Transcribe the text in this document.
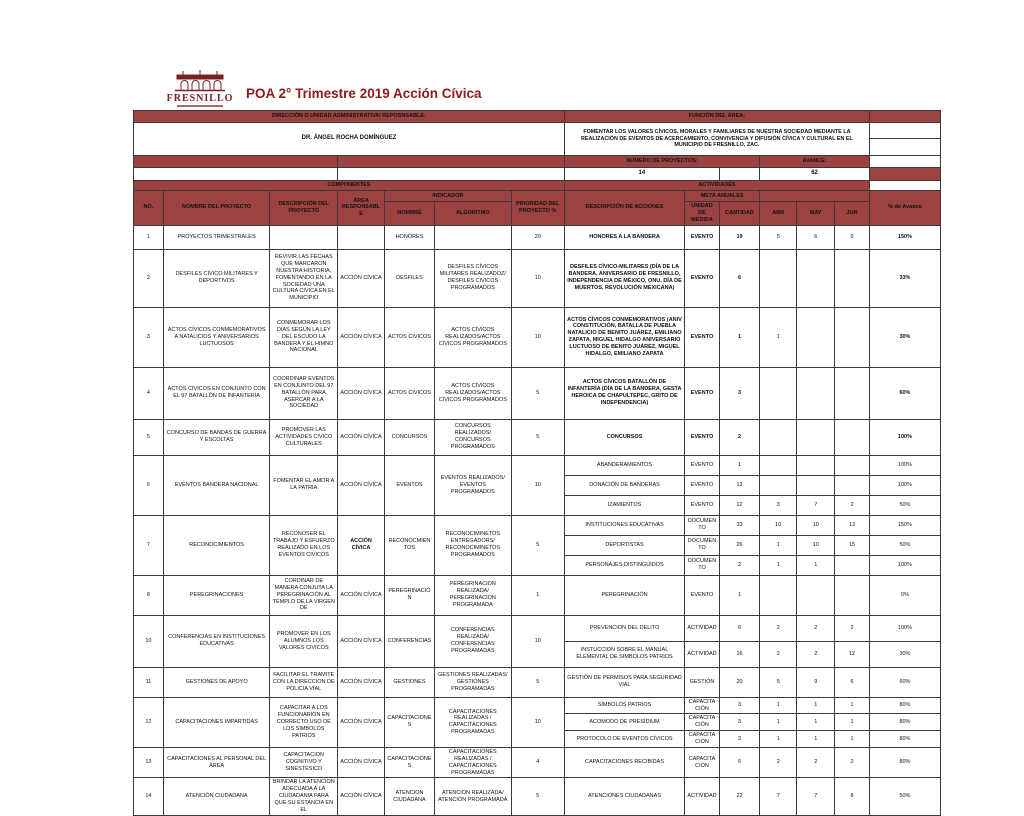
FRESNILLO POA 2° Trimestre 2019 Acción Cívica
DIRECCIÓN O UNIDAD ADMINISTRATIVA/ REPOSNSABLE:							FUNCIÓN DEL ÁREA:						
DR. ÁNGEL ROCHA DOMÍNGUEZ							FOMENTAR LOS VALORES CÍVICOS, MORALES Y FAMILIARES DE NUESTRA SOCIEDAD MEDIANTE LA REALIZACIÓN DE EVENTOS DE ACERCAMIENTO, CONVIVENCIA Y DIFUSIÓN CÍVICA Y CULTURAL EN EL MUNICIPIO DE FRESNILLO, ZAC.						

							NÚMERO DE PROYECTOS:			AVANCE:			
							14			62			
COMPONENTES							ACTIVIDADES						
NO.	NOMBRE DEL PROYECTO	DESCRIPCIÓN DEL PROYECTO	ÁREA RESPONSABLE	INDICADOR		PRIORIDAD DEL PROYECTO %	DESCRIPCIÓN DE ACCIONES	META ANUALES					% de Avance
				NOMBRE	ALGORITMO			UNIDAD DE MEDIDA	CANTIDAD	ABR	MAY	JUN	
1	PROYECTOS TRIMESTRALES			HONORES		20	HONORES A LA BANDERA	EVENTO	19	5	6	6	150%
2	DESFILES CÍVICO MILITARES Y DEPORTIVOS	REVIVIR LAS FECHAS QUE MARCARON NUESTRA HISTORIA, FOMENTANDO EN LA SOCIEDAD UNA CULTURA CIVICA EN EL MUNICIPIO	ACCIÓN CÍVICA	DESFILES	DESFILES CÍVICOS MILITARES REALIZADOZ/ DESFILES CIVICOS PROGRAMADOS	10	DESFILES CÍVICO-MILITARES (DÍA DE LA BANDERA, ANIVERSARIO DE FRESNILLO, INDEPENDENCIA DE MÉXICO, ONU, DÍA DE MUERTOS, REVOLUCIÓN MEXICANA)	EVENTO	6				33%
3	ACTOS CÍVICOS CONMEMORATIVOS A NATALICIOS Y ANIVERSARIOS LUCTUOSOS	CONMEMORAR LOS DÍAS SEGÚN LA LEY DEL ESCUDO LA BANDERA Y EL HIMNO NACIONAL	ACCIÓN CÍVICA	ACTOS CIVICOS	ACTOS CÍVICOS REALIZADOS/ACTOS CÍVICOS PROGRAMADOS	10	ACTOS CÍVICOS CONMEMORATIVOS (ANIV CONSTITUCIÓN, BATALLA DE PUEBLA NATALICIO DE BENITO JUÁREZ, EMILIANO ZAPATA, MIGUEL HIDALGO ANIVERSARIO LUCTUOSO DE BENITO JUÁREZ, MIGUEL HIDALGO, EMILIANO ZAPATA	EVENTO	1	1			30%
4	ACTOS CÍVICOS EN CONJUNTO CON EL 97 BATALLÓN DE INFANTERÍA	COORDINAR EVENTOS EN CONJUNTO DEL 97 BATALLÓN PARA ASERCAR A LA SOCIEDAD	ACCIÓN CÍVICA	ACTOS CIVICOS	ACTOS CÍVICOS REALIZADOS/ACTOS CÍVICOS PROGRAMADOS	5	ACTOS CÍVICOS BATALLÓN DE INFANTERÍA (DÍA DE LA BANDERA, GESTA HEROICA DE CHAPULTEPEC, GRITO DE INDEPENDENCIA)	EVENTO	3				60%
5	CONCURSO DE BANDAS DE GUERRA Y ESCOLTAS	PROMOVER LAS ACTIVIDADES CIVICO CULTURALES	ACCIÓN CÍVICA	CONCURSOS	CONCURSOS REALIZADOS/ CONCURSOS PROGRAMADOS	5	CONCURSOS	EVENTO	2				100%
6	EVENTOS BANDERA NACIONAL	FOMENTAR EL AMOR A LA PATRIA	ACCIÓN CÍVICA	EVENTOS	EVENTOS REALIZADOS/ EVENTOS PROGRAMADOS	10	ABANDERAMIENTOS	EVENTO	1				100%
							DONACIÓN DE BANDERAS	EVENTO	13				100%
							IZAMIENTOS	EVENTO	12	3	7	2	50%
7	RECONOCIMIENTOS	RECONOSER EL TRABAJO Y ESFUERZO REALIZADO EN LOS EVENTOS CIVICOS	ACCIÓN CÍVICA	RECONOCMIENTOS	RECONOCIMINETOS ENTREGADORS/ RECONOCIMINETOS PROGRAMADOS	5	INSTITUCIONES EDUCATIVAS	DOCUMENTO	33	10	10	13	150%
							DEPORTISTAS	DOCUMENTO	26	1	10	15	50%
							PERSONAJES DISTINGUIDOS	DOCUMENTO	2	1	1		100%
8	PEREGRINACIONES	CORDINAR DE MANERA CONJUTA LA PEREGRINACIÓN AL TEMPLO DE LA VIRGEN DE	ACCIÓN CÍVICA	PEREGRINACIÓN	PEREGRINACION REALIZADA/ PEREGRINACION PROGRAMADA	1	PEREGRINACIÓN	EVENTO	1				0%
10	CONFERENCIAS EN INSTITUCIONES EDUCATIVAS	PROMOVER EN LOS ALUMNOS LOS VALORES CIVICOS	ACCIÓN CÍVICA	CONFERENCIAS	CONFERENCIAS REALIZADA/ CONFERENCIAS PROGRAMADAS	10	PREVENCION DEL DELITO	ACTIVIDAD	6	2	2	2	100%
							INSTUCCION SOBRE EL MANUAL ELEMENTAL DE SIMBOLOS PATRIOS	ACTIVIDAD	16	2	2	12	30%
11	GESTIONES DE APOYO	FACILITAR EL TRAMITE CON LA DIRECCION DE POLICIA VÍAL	ACCIÓN CÍVICA	GESTIONES	GESTIONES REALIZADAS/ GESTIONES PROGRAMADAS	5	GESTIÓN DE PERMISOS PARA SEGURIDAD VIAL	GESTIÓN	20	5	9	6	60%
12	CAPACITACIONES IMPARTIDAS	CAPACITAR A LOS FUNCIONARION EN CORRECTO USO DE LOS SIMBOLOS PATRIOS	ACCIÓN CÍVICA	CAPACITACIONES	CAPACITACIONES REALIZADAS / CAPACITACIONES PROGRAMADAS	10	SÍMBOLOS PATRIOS	CAPACITACIÓN	3	1	1	1	80%
							ACOMODO DE PRESÍDIUM	CAPACITACIÓN	3	1	1	1	80%
							PROTOCOLO DE EVENTOS CÍVICOS	CAPACITACIÓN	3	1	1	1	80%
13	CAPACITACIONES AL PERSONAL DEL ÁREA	CAPACITACION COGNITIVO Y SINESTESICO	ACCIÓN CÍVICA	CAPACITACIÓNES	CAPACITACIONES REALIZADAS / CAPACITACIONES PROGRAMADAS	4	CAPACITACIONES RECIBIDAS	CAPACITACIÓN	6	2	2	2	80%
14	ATENCIÓN CIUDADANA	BRINDAR LA ATENCION ADECUADA A LA CIUDADANIA PARA QUE SU ESTANCIA EN EL	ACCIÓN CÍVICA	ATENCION CIUDADANA	ATENCION REALIZADA/ ATENCIÓN PROGRAMADA	5	ATENCIONES CIUDADANAS	ACTIVIDAD	22	7	7	8	50%
